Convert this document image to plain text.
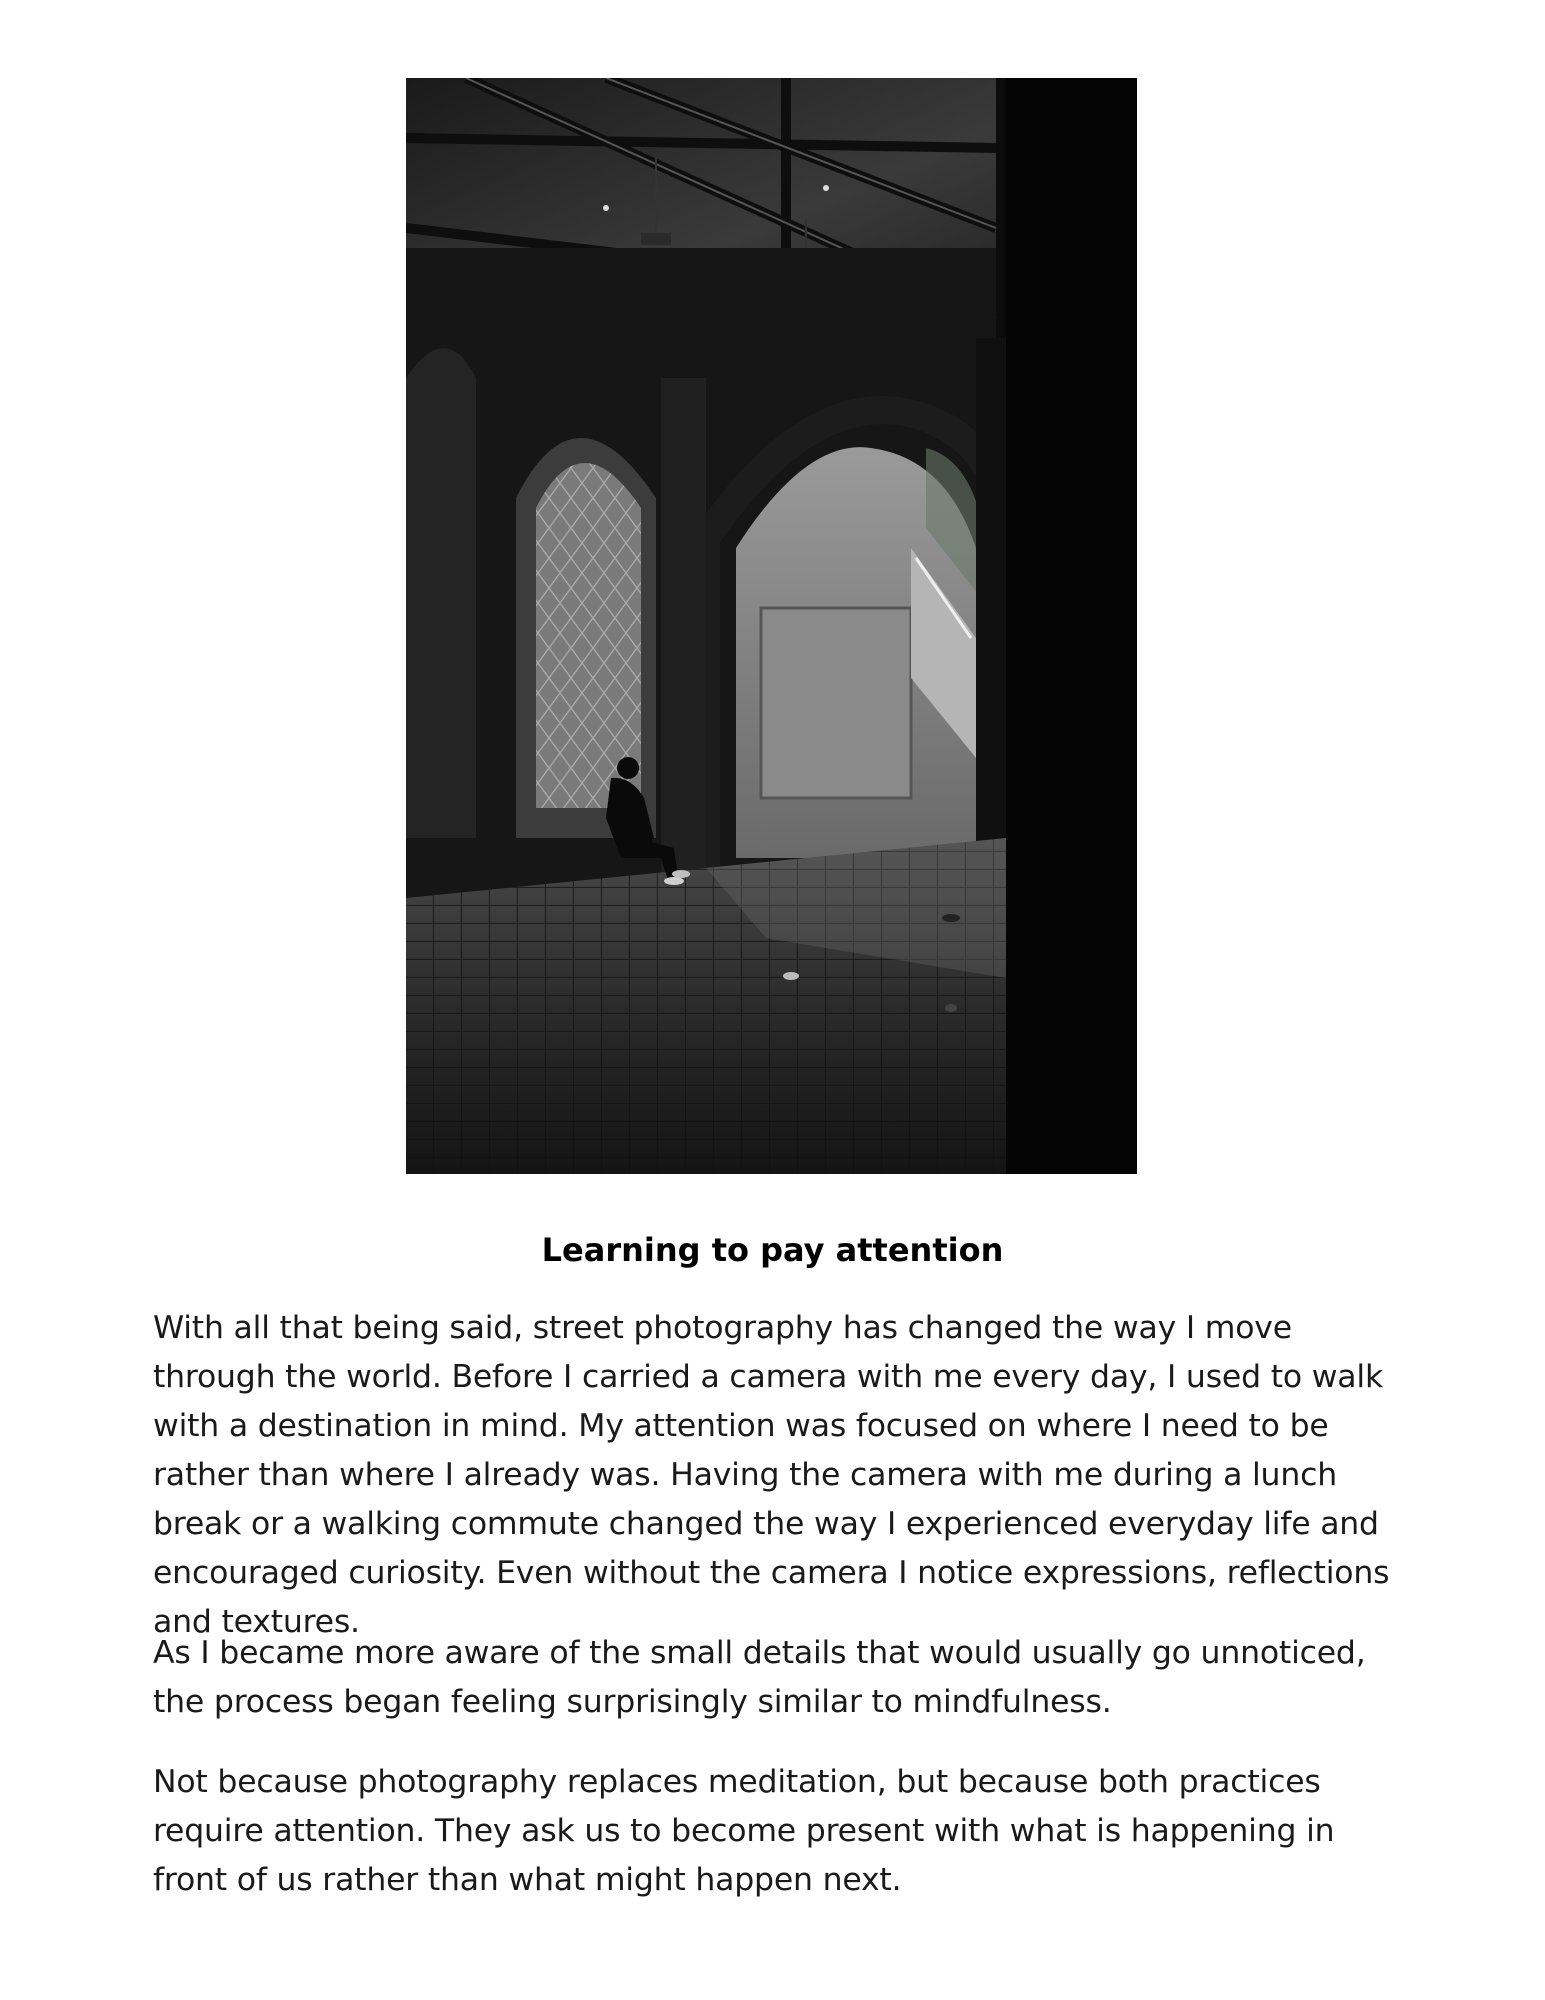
Learning to pay attention

With all that being said, street photography has changed the way I move through the world. Before I carried a camera with me every day, I used to walk with a destination in mind. My attention was focused on where I need to be rather than where I already was. Having the camera with me during a lunch break or a walking commute changed the way I experienced everyday life and encouraged curiosity. Even without the camera I notice expressions, reflections and textures.

As I became more aware of the small details that would usually go unnoticed, the process began feeling surprisingly similar to mindfulness.

Not because photography replaces meditation, but because both practices require attention. They ask us to become present with what is happening in front of us rather than what might happen next.
